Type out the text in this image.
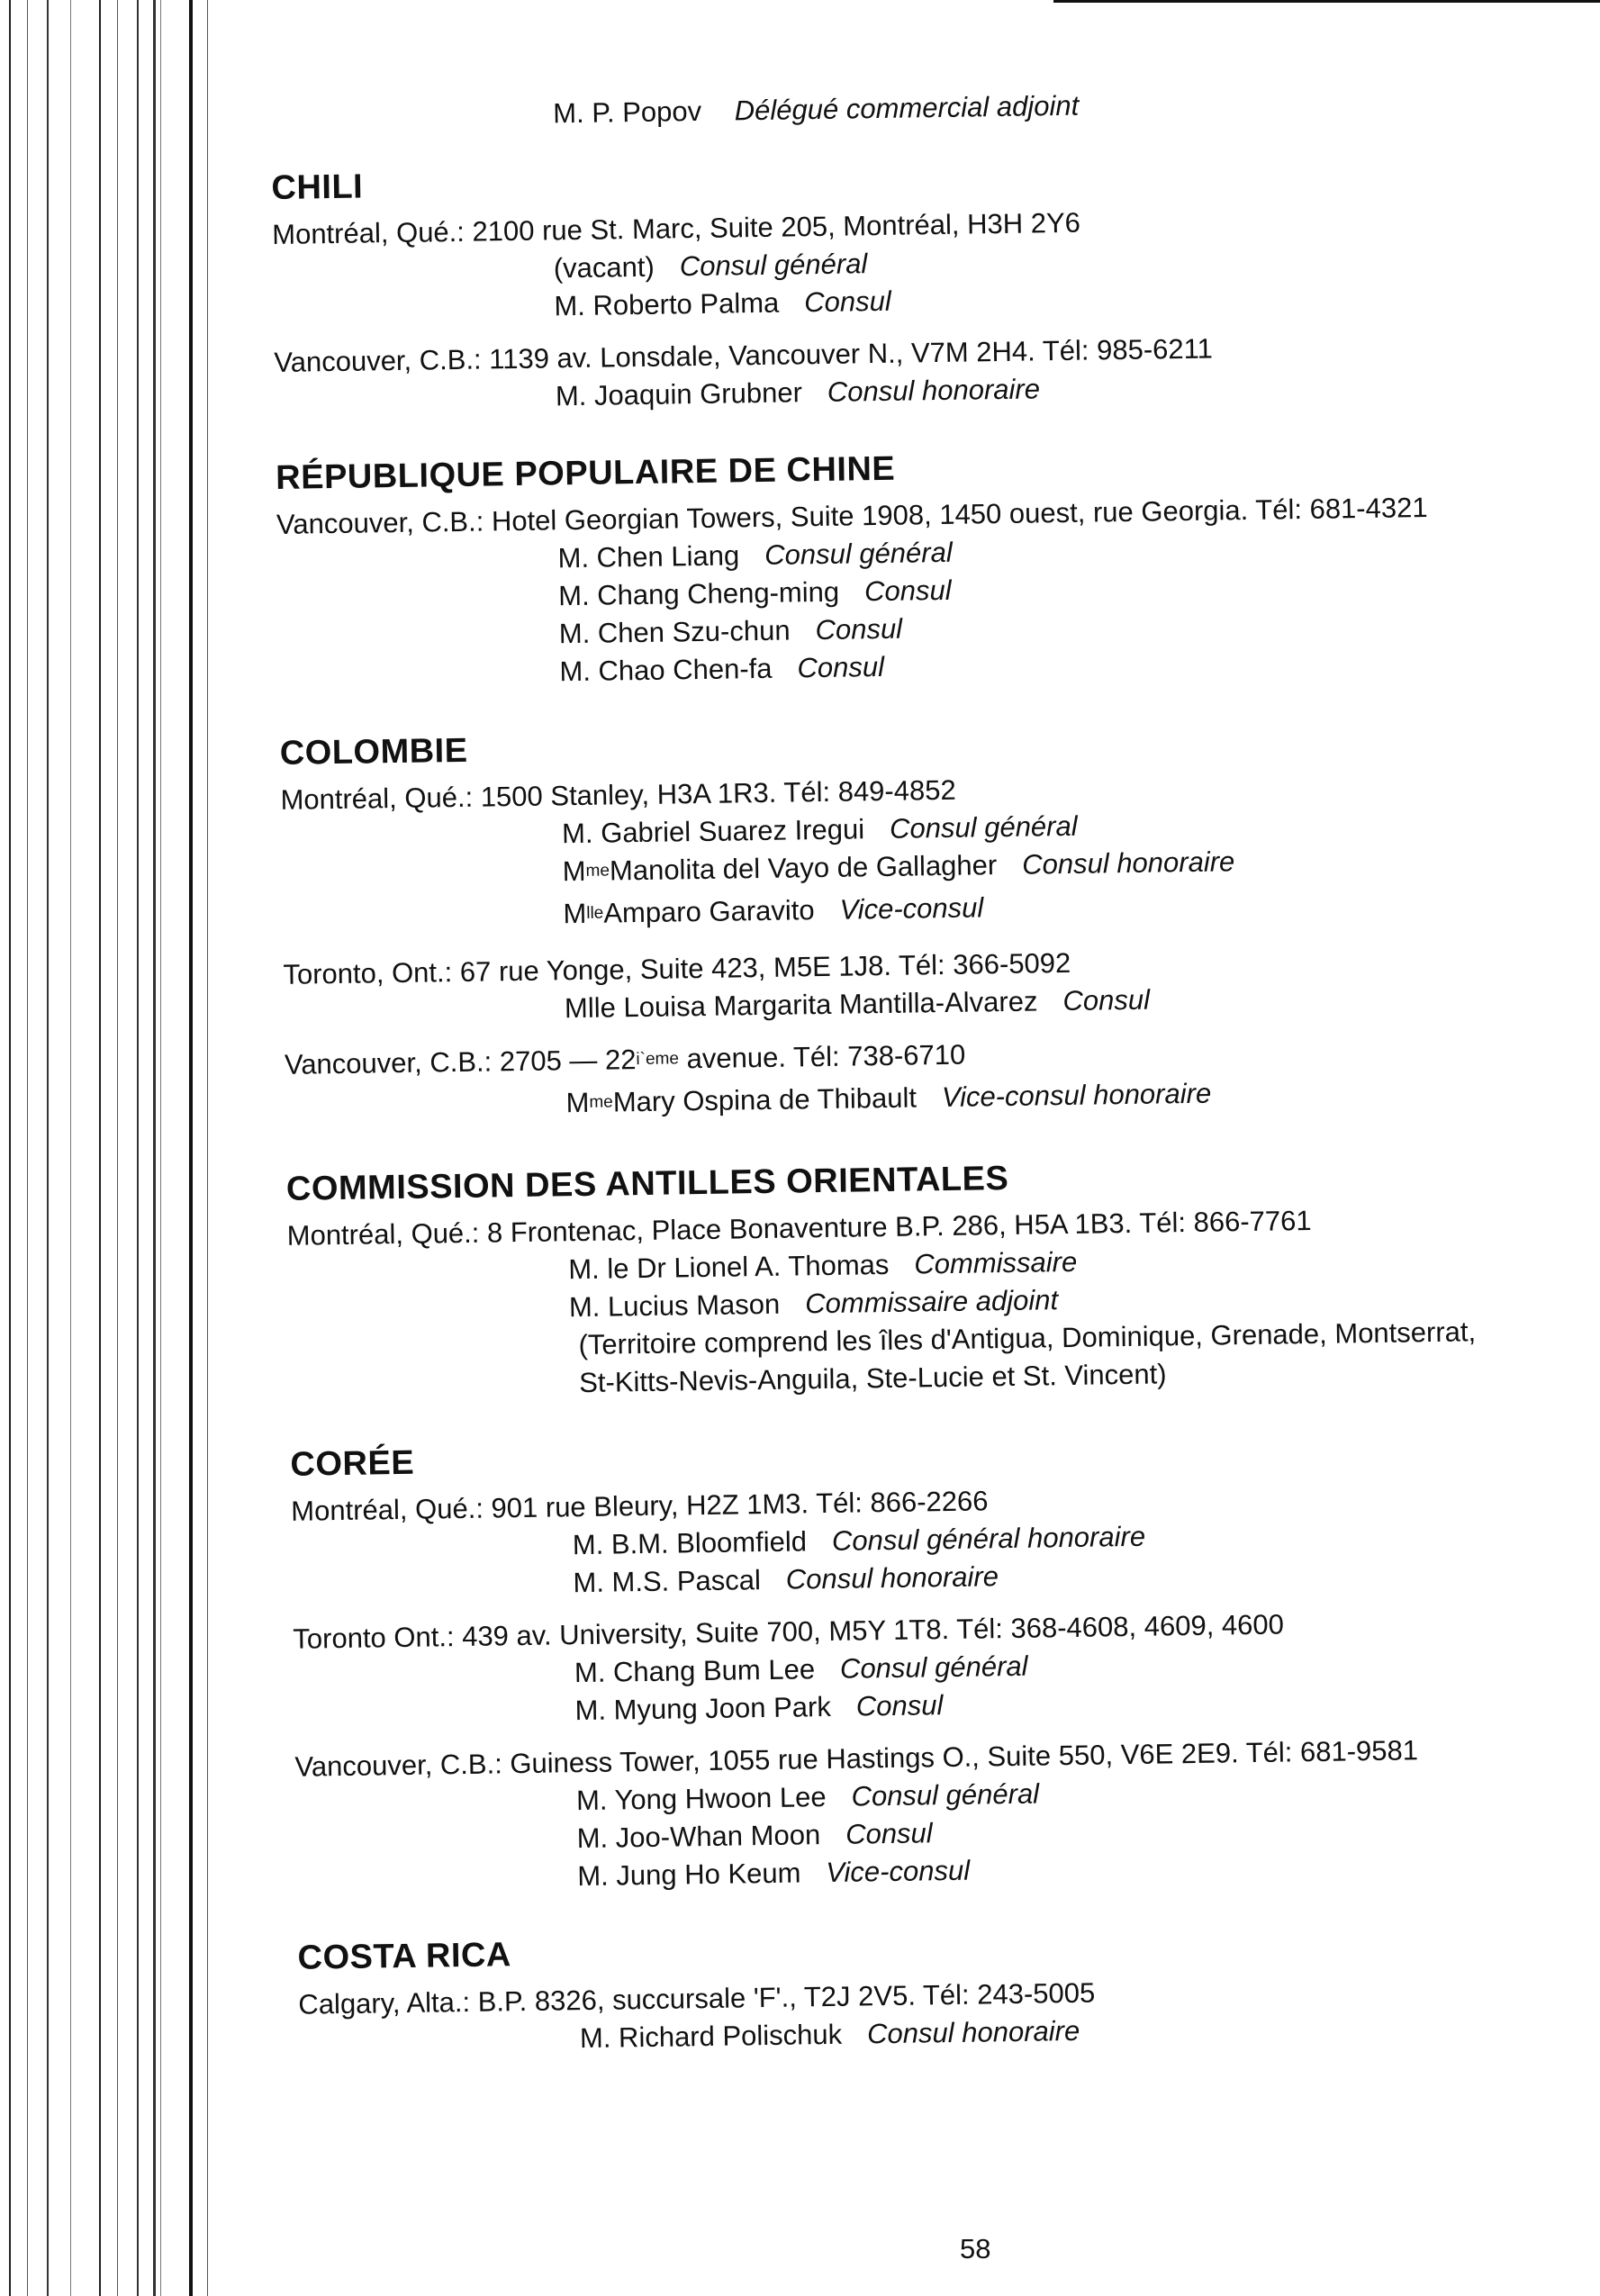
M. P. Popov Délégué commercial adjoint
CHILI
Montréal, Qué.: 2100 rue St. Marc, Suite 205, Montréal, H3H 2Y6
(vacant) Consul général
M. Roberto Palma Consul
Vancouver, C.B.: 1139 av. Lonsdale, Vancouver N., V7M 2H4. Tél: 985-6211
M. Joaquin Grubner Consul honoraire
RÉPUBLIQUE POPULAIRE DE CHINE
Vancouver, C.B.: Hotel Georgian Towers, Suite 1908, 1450 ouest, rue Georgia. Tél: 681-4321
M. Chen Liang Consul général
M. Chang Cheng-ming Consul
M. Chen Szu-chun Consul
M. Chao Chen-fa Consul
COLOMBIE
Montréal, Qué.: 1500 Stanley, H3A 1R3. Tél: 849-4852
M. Gabriel Suarez Iregui Consul général
$M^{me}Manolita$ del Vayo de Gallagher Consul honoraire
$M^{lle}Amparo$ Garavito Vice-consul
Toronto, Ont.: 67 rue Yonge, Suite 423, M5E 1J8. Tél: 366-5092
Mlle Louisa Margarita Mantilla-Alvarez Consul
Vancouver, C.B.: 2705 — $22^{i`eme}$ avenue. Tél: 738-6710
$M^{me}Mary$ Ospina de Thibault Vice-consul honoraire
COMMISSION DES ANTILLES ORIENTALES
Montréal, Qué.: 8 Frontenac, Place Bonaventure B.P. 286, H5A 1B3. Tél: 866-7761
M. le Dr Lionel A. Thomas Commissaire
M. Lucius Mason Commissaire adjoint
(Territoire comprend les îles d'Antigua, Dominique, Grenade, Montserrat,
St-Kitts-Nevis-Anguila, Ste-Lucie et St. Vincent)
CORÉE
Montréal, Qué.: 901 rue Bleury, H2Z 1M3. Tél: 866-2266
M. B.M. Bloomfield Consul général honoraire
M. M.S. Pascal Consul honoraire
Toronto Ont.: 439 av. University, Suite 700, M5Y 1T8. Tél: 368-4608, 4609, 4600
M. Chang Bum Lee Consul général
M. Myung Joon Park Consul
Vancouver, C.B.: Guiness Tower, 1055 rue Hastings O., Suite 550, V6E 2E9. Tél: 681-9581
M. Yong Hwoon Lee Consul général
M. Joo-Whan Moon Consul
M. Jung Ho Keum Vice-consul
COSTA RICA
Calgary, Alta.: B.P. 8326, succursale 'F'., T2J 2V5. Tél: 243-5005
M. Richard Polischuk Consul honoraire
58
